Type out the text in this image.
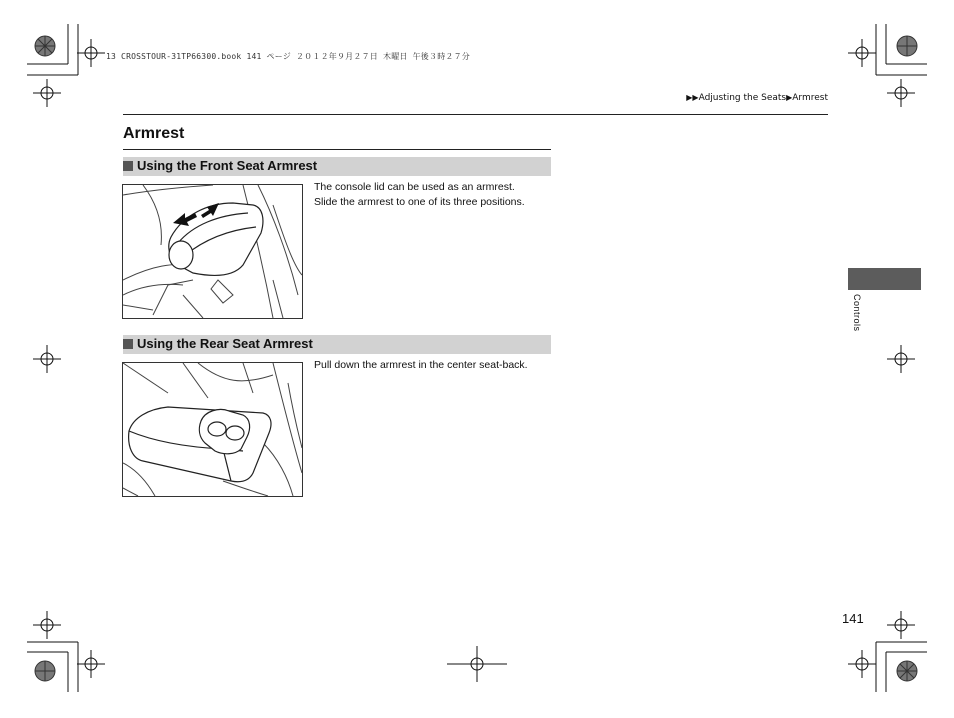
13 CROSSTOUR-31TP66300.book 141 ページ ２０１２年９月２７日 木曜日 午後３時２７分
▶▶Adjusting the Seats▶Armrest
Armrest
Using the Front Seat Armrest
The console lid can be used as an armrest.
Slide the armrest to one of its three positions.
Using the Rear Seat Armrest
Pull down the armrest in the center seat-back.
Controls
141
